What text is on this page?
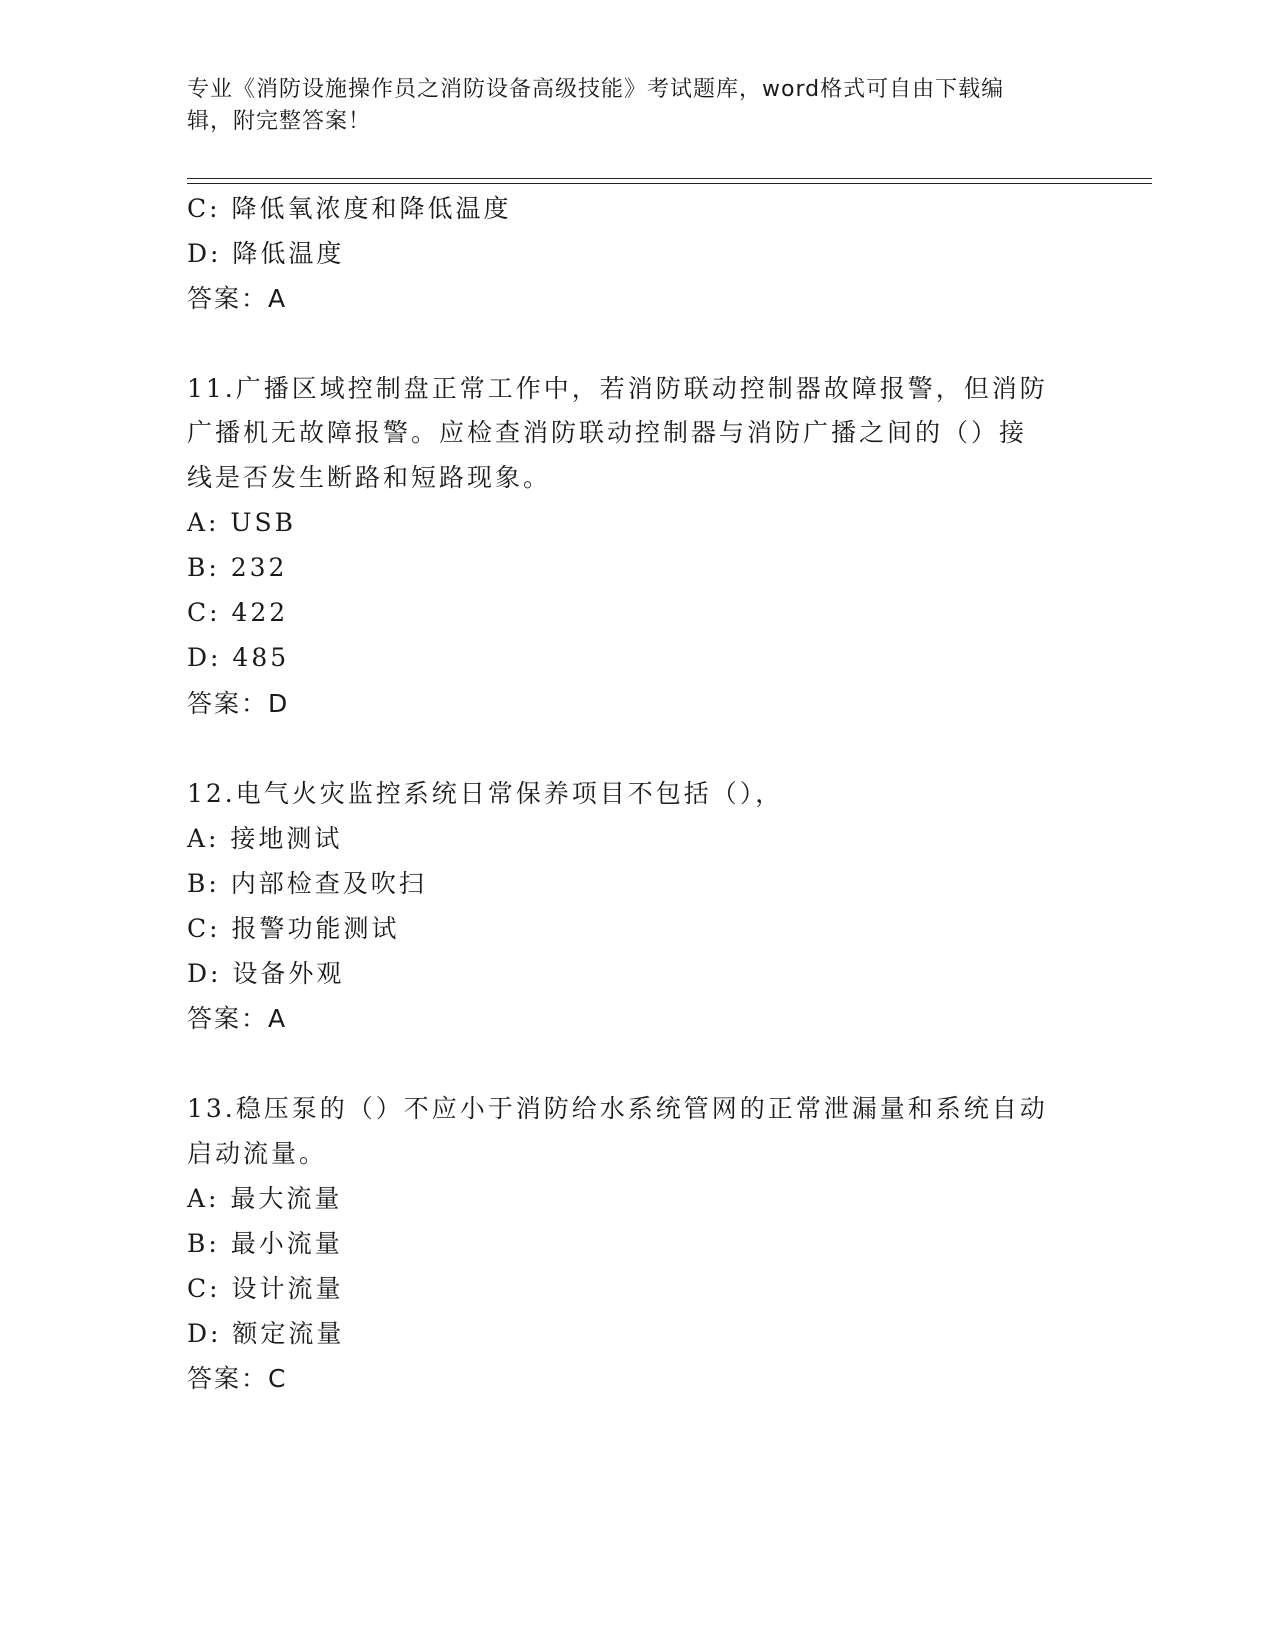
专业《消防设施操作员之消防设备高级技能》考试题库，word格式可自由下载编
辑，附完整答案！
C: 降低氧浓度和降低温度
D: 降低温度
答案：A
11.广播区域控制盘正常工作中，若消防联动控制器故障报警，但消防
广播机无故障报警。应检查消防联动控制器与消防广播之间的（）接
线是否发生断路和短路现象。
A: USB
B: 232
C: 422
D: 485
答案：D
12.电气火灾监控系统日常保养项目不包括（），
A: 接地测试
B: 内部检查及吹扫
C: 报警功能测试
D: 设备外观
答案：A
13.稳压泵的（）不应小于消防给水系统管网的正常泄漏量和系统自动
启动流量。
A: 最大流量
B: 最小流量
C: 设计流量
D: 额定流量
答案：C
